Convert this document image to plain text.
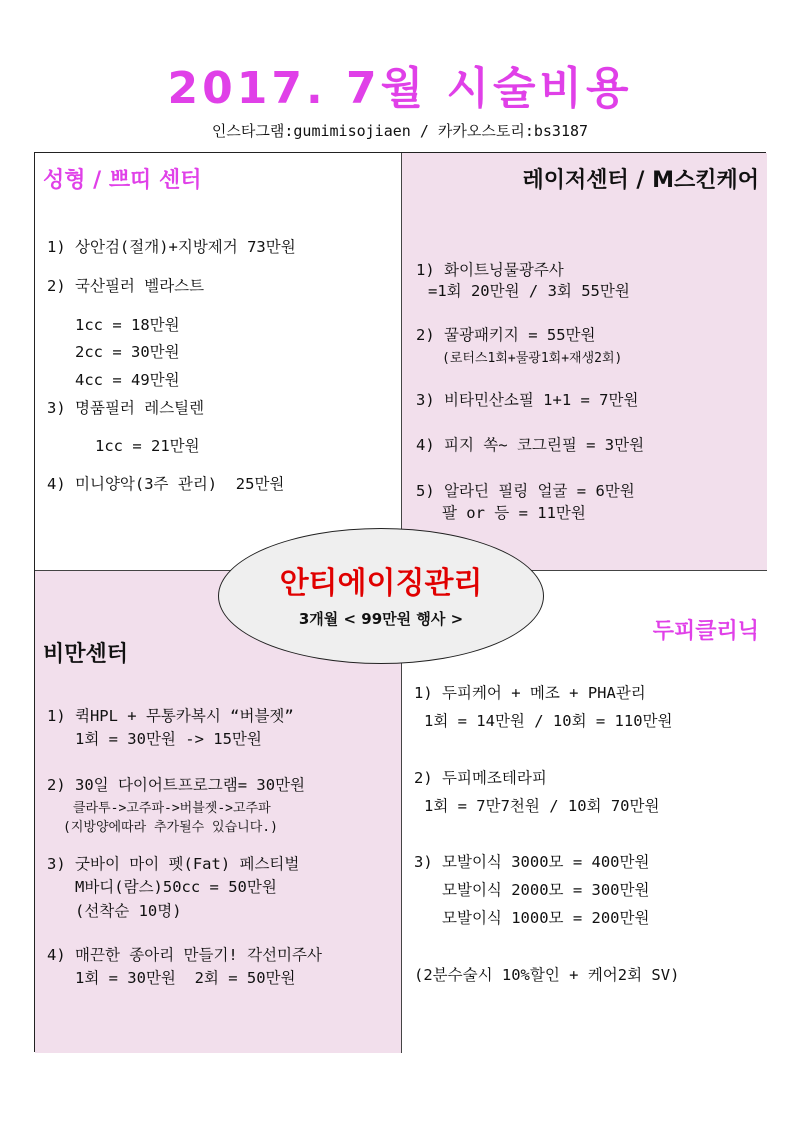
2017. 7월 시술비용
인스타그램:gumimisojiaen / 카카오스토리:bs3187
성형 / 쁘띠 센터
1) 상안검(절개)+지방제거 73만원
2) 국산필러 벨라스트
1cc = 18만원
2cc = 30만원
4cc = 49만원
3) 명품필러 레스틸렌
1cc = 21만원
4) 미니양악(3주 관리)  25만원
레이저센터 / M스킨케어
1) 화이트닝물광주사
=1회 20만원 / 3회 55만원
2) 꿀광패키지 = 55만원
(로터스1회+물광1회+재생2회)
3) 비타민산소필 1+1 = 7만원
4) 피지 쏙~ 코그린필 = 3만원
5) 알라딘 필링 얼굴 = 6만원
팔 or 등 = 11만원
비만센터
1) 퀵HPL + 무통카복시 “버블젯”
1회 = 30만원 -> 15만원
2) 30일 다이어트프로그램= 30만원
클라투->고주파->버블젯->고주파
(지방양에따라 추가될수 있습니다.)
3) 굿바이 마이 펫(Fat) 페스티벌
M바디(람스)50cc = 50만원
(선착순 10명)
4) 매끈한 종아리 만들기! 각선미주사
1회 = 30만원  2회 = 50만원
두피클리닉
1) 두피케어 + 메조 + PHA관리
1회 = 14만원 / 10회 = 110만원
2) 두피메조테라피
1회 = 7만7천원 / 10회 70만원
3) 모발이식 3000모 = 400만원
모발이식 2000모 = 300만원
모발이식 1000모 = 200만원
(2분수술시 10%할인 + 케어2회 SV)
안티에이징관리
3개월 < 99만원 행사 >
